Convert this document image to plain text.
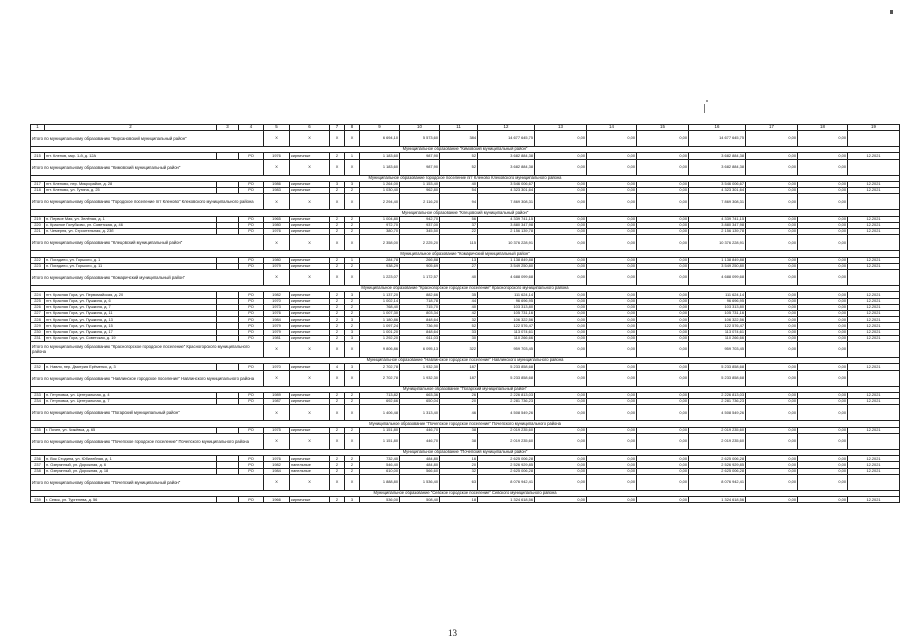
1	2	3	4	5	6	7	8	9	10	11	12	13	14	15	16	17	18	19
Итого по муниципальному образованию "Кирсановский муниципальный район"				X	X	X	X	6 694,10	5 573,60	384	14 677 645,75	0,00	0,00	0,00	14 677 645,75	0,00	0,00	
Муниципальное образование "Кимовский муниципальный район"																		
215	пгт. Кленов, мкр. 1-й, д. 12А		РО	1976	кирпичные	2	1	1 183,60	987,90	52	3 682 884,38	0,00	0,00	0,00	3 682 884,38	0,00	0,00	12.2021
Итого по муниципальному образованию "Кимовский муниципальный район"				X	X	X	X	1 183,60	987,90	52	3 682 884,38	0,00	0,00	0,00	3 682 884,38	0,00	0,00	
Муниципальное образование городское поселение пгт Кленово Клековского муниципального района																		
217	пгт. Кленово, пер. Микрорайон, д. 28		РО	1986	кирпичные	3	3	1 264,00	1 153,40	40	3 546 006,67	0,00	0,00	0,00	3 546 006,67	0,00	0,00	12.2021
218	пгт. Кленово, ул. Гутина, д. 25		РО	1983	кирпичные	2	2	1 030,40	962,80	54	4 323 301,64	0,00	0,00	0,00	4 323 301,64	0,00	0,00	12.2021
Итого по муниципальному образованию "Городское поселение пгт Кленово" Клековского муниципального района				X	X	X	X	2 294,40	2 116,20	94	7 869 308,31	0,00	0,00	0,00	7 869 308,31	0,00	0,00	
Муниципальное образование "Клецовский муниципальный район"																		
219	п. Первое Мая, ул. Зелёная, д. 1		РО	1965	кирпичные	2	2	1 004,80	942,70	56	4 339 741,15	0,00	0,00	0,00	4 339 741,15	0,00	0,00	12.2021
220	с. Красное Голубково, ул. Советская, д. 46		РО	1980	кирпичные	2	2	972,70	937,00	37	3 880 347,98	0,00	0,00	0,00	3 880 347,98	0,00	0,00	12.2021
221	п. Чемерня, ул. Строительная, д. 23б		РО	1976	кирпичные	2	2	380,70	345,50	22	2 156 139,78	0,00	0,00	0,00	2 156 139,78	0,00	0,00	12.2021
Итого по муниципальному образованию "Клецовский муниципальный район"				X	X	X	X	2 358,00	2 225,20	115	10 376 228,91	0,00	0,00	0,00	10 376 228,91	0,00	0,00	
Муниципальное образование "Комаричский муниципальный район"																		
222	п. Погадино, ул. Горького, д. 1		РО	1980	кирпичные	2	1	284,78	266,88	13	1 138 849,88	0,00	0,00	0,00	1 138 849,88	0,00	0,00	12.2021
223	п. Погадино, ул. Горького, д. 11		РО	1979	кирпичные	2	2	938,29	905,69	27	3 549 250,80	0,00	0,00	0,00	3 549 250,80	0,00	0,00	12.2021
Итого по муниципальному образованию "Комаричский муниципальный район"				X	X	X	X	1 223,07	1 172,57	40	4 688 099,68	0,00	0,00	0,00	4 688 099,68	0,00	0,00	
Муниципальное образование "Красногорское городское поселение" Красногорского муниципального района																		
224	пгт. Красная Гора, ул. Первомайская, д. 20		РО	1982	кирпичные	2	3	1 137,20	882,66	35	111 624,14	0,00	0,00	0,00	111 624,14	0,00	0,00	12.2021
225	пгт. Красная Гора, ул. Пушкина, д. 6		РО	1970	кирпичные	2	2	1 002,14	718,78	44	96 696,95	0,00	0,00	0,00	96 696,95	0,00	0,00	12.2021
226	пгт. Красная Гора, ул. Пушкина, д. 7		РО	1973	кирпичные	2	2	768,40	715,70	40	103 313,80	0,00	0,00	0,00	103 313,80	0,00	0,00	12.2021
227	пгт. Красная Гора, ул. Пушкина, д. 11		РО	1976	кирпичные	2	2	1 007,30	803,34	42	105 731,16	0,00	0,00	0,00	105 731,16	0,00	0,00	12.2021
228	пгт. Красная Гора, ул. Пушкина, д. 13		РО	1984	кирпичные	2	3	1 180,86	848,64	32	106 322,56	0,00	0,00	0,00	106 322,56	0,00	0,00	12.2021
229	пгт. Красная Гора, ул. Пушкина, д. 15		РО	1979	кирпичные	2	2	1 097,24	736,90	52	122 576,47	0,00	0,00	0,00	122 576,47	0,00	0,00	12.2021
230	пгт. Красная Гора, ул. Пушкина, д. 17		РО	1979	кирпичные	2	3	1 001,20	848,64	33	113 074,61	0,00	0,00	0,00	113 074,61	0,00	0,00	12.2021
231	пгт. Красная Гора, ул. Советская, д. 19		РО	1981	кирпичные	2	3	1 292,20	611,03	30	110 266,66	0,00	0,00	0,00	110 266,66	0,00	0,00	12.2021
Итого по муниципальному образованию "Красногорское городское поселение" Красногорского муниципального района				X	X	X	X	9 806,86	6 095,13	322	959 703,45	0,00	0,00	0,00	959 703,45	0,00	0,00	
Муниципальное образование "Навлинское городское поселение" Навлинского муниципального района																		
232	п. Навля, пер. Дмитрия Ерёменко, д. 3		РО	1970	кирпичные	4	3	2 702,78	1 932,30	187	5 233 858,68	0,00	0,00	0,00	5 233 858,68	0,00	0,00	12.2021
Итого по муниципальному образованию "Навлинское городское поселение" Навлинского муниципального района				X	X	X	X	2 702,78	1 932,30	187	5 233 858,68	0,00	0,00	0,00	5 233 858,68	0,00	0,00	
Муниципальное образование "Погарский муниципальный район"																		
233	п. Гетуновка, ул. Центральная, д. 4		РО	1989	кирпичные	2	2	713,82	663,36	26	2 226 813,03	0,00	0,00	0,00	2 226 813,03	0,00	0,00	12.2021
234	п. Гетуновка, ул. Центральная, д. 7		РО	1987	кирпичные	2	2	692,66	650,04	20	2 281 736,23	0,00	0,00	0,00	2 281 736,23	0,00	0,00	12.2021
Итого по муниципальному образованию "Погарский муниципальный район"				X	X	X	X	1 406,48	1 313,40	46	4 508 549,26	0,00	0,00	0,00	4 508 549,26	0,00	0,00	
Муниципальное образование "Почепское городское поселение" Почепского муниципального района																		
235	г. Почеп, ул. Чижёвка, д. 65		РО	1975	кирпичные	2	2	1 151,80	446,70	38	2 019 235,60	0,00	0,00	0,00	2 019 235,60	0,00	0,00	12.2021
Итого по муниципальному образованию "Почепское городское поселение" Почепского муниципального района				X	X	X	X	1 151,80	446,70	38	2 019 235,60	0,00	0,00	0,00	2 019 235,60	0,00	0,00	
Муниципальное образование "Почепский муниципальный район"																		
236	п. Вок Стодина, ул. Юбилейная, д. 1		РО	1976	кирпичные	2	2	732,40	484,80	16	2 625 006,28	0,00	0,00	0,00	2 625 006,28	0,00	0,00	12.2021
237	п. Озерянный, ул. Дорожная, д. 6		РО	1982	панельные	2	2	546,40	484,80	20	2 526 929,85	0,00	0,00	0,00	2 526 929,85	0,00	0,00	12.2021
238	п. Озерянный, ул. Дорожная, д. 18		РО	1984	панельные	2	2	610,00	566,60	32	2 625 006,28	0,00	0,00	0,00	2 625 006,28	0,00	0,00	12.2021
Итого по муниципальному образованию "Почепский муниципальный район"				X	X	X	X	1 888,80	1 536,40	63	8 076 942,41	0,00	0,00	0,00	8 076 942,41	0,00	0,00	
Муниципальное образование "Севское городское поселение" Севского муниципального района																		
239	г. Севск, ул. Тургенева, д. 56		РО	1966	кирпичные	2	3	536,00	508,40	18	1 324 618,56	0,00	0,00	0,00	1 324 618,56	0,00	0,00	12.2021
13
